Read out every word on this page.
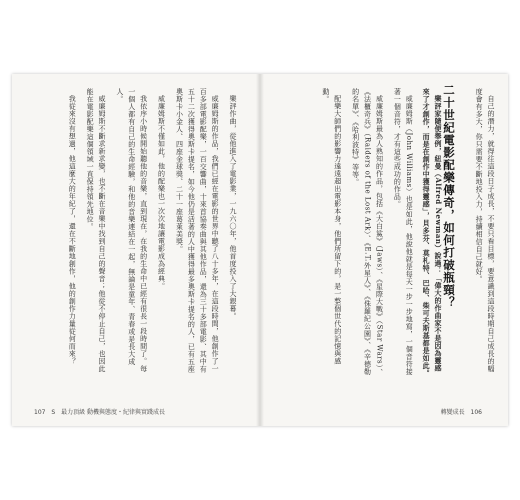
樂評作曲，從他進入了電影業，一九六〇年，他首度投入了大銀幕。

威廉姆斯的作品，我們已經在電影的世界中聽了八十多年，在這段時間，他創作了一百多部電影配樂，一百交響曲，十來首協奏曲與其他作品，還為三十多部電影、其中有五十二次獲得奧斯卡提名，如今他仍是活著的人中獲得最多奧斯卡提名的人，已有五座奧斯卡小金人、四座金球獎、二十一座葛萊美獎。

威廉姆斯不僅如此，他的配樂也一次次地讓電影成為經典。

我依序小時候開始聽他的音樂，直到現在，在我的生命中已經有很長一段時間了。每一個人都有自己的生命經驗，和他的音樂連結在一起，無論是童年、青春或是長大成人。

威廉姆斯不斷求新求變，也不斷在音樂中找到自己的聲音；他從不停止自己，也因此能在電影配樂這個領域一直保持領先地位。

我從來沒有想過，他這麼大的年紀了，還在不斷地創作，他的創作力量從何而來？

107 S 最力頂級 動機與態度・紀律與實踐成長

自己的潛力，就得往這段日子成長，不要只看目標，要意識到這段時期自己成長的幅度會有多大，你只需要不斷地投入力，持續相信自己就好。

二十世紀電影配樂傳奇，如何打破瓶頸？

樂評家隨便舉例，紐曼（Alfred Newman）說過：「偉大的作曲家不是因為靈感來了才創作，而是在創作中獲得靈感」，貝多芬、莫札特、巴哈、柴可夫斯基都是如此。

威廉姆斯（John Williams）也是如此，他說他就是每天一步一步地寫，一個音符接著一個音符，才有這些成功的作品。

威廉姆斯最為人熟知的作品，包括《大白鯊》（Jaws）、《星際大戰》（Star Wars）、《法櫃奇兵》（Raiders of the Lost Ark）、《E.T.外星人》、《侏羅紀公園》、《辛德勒的名單》、《哈利波特》等等。

配樂大師們的影響力遠遠超出電影本身，他們所留下的，是一整個世代的記憶與感動。

轉變成長 106
